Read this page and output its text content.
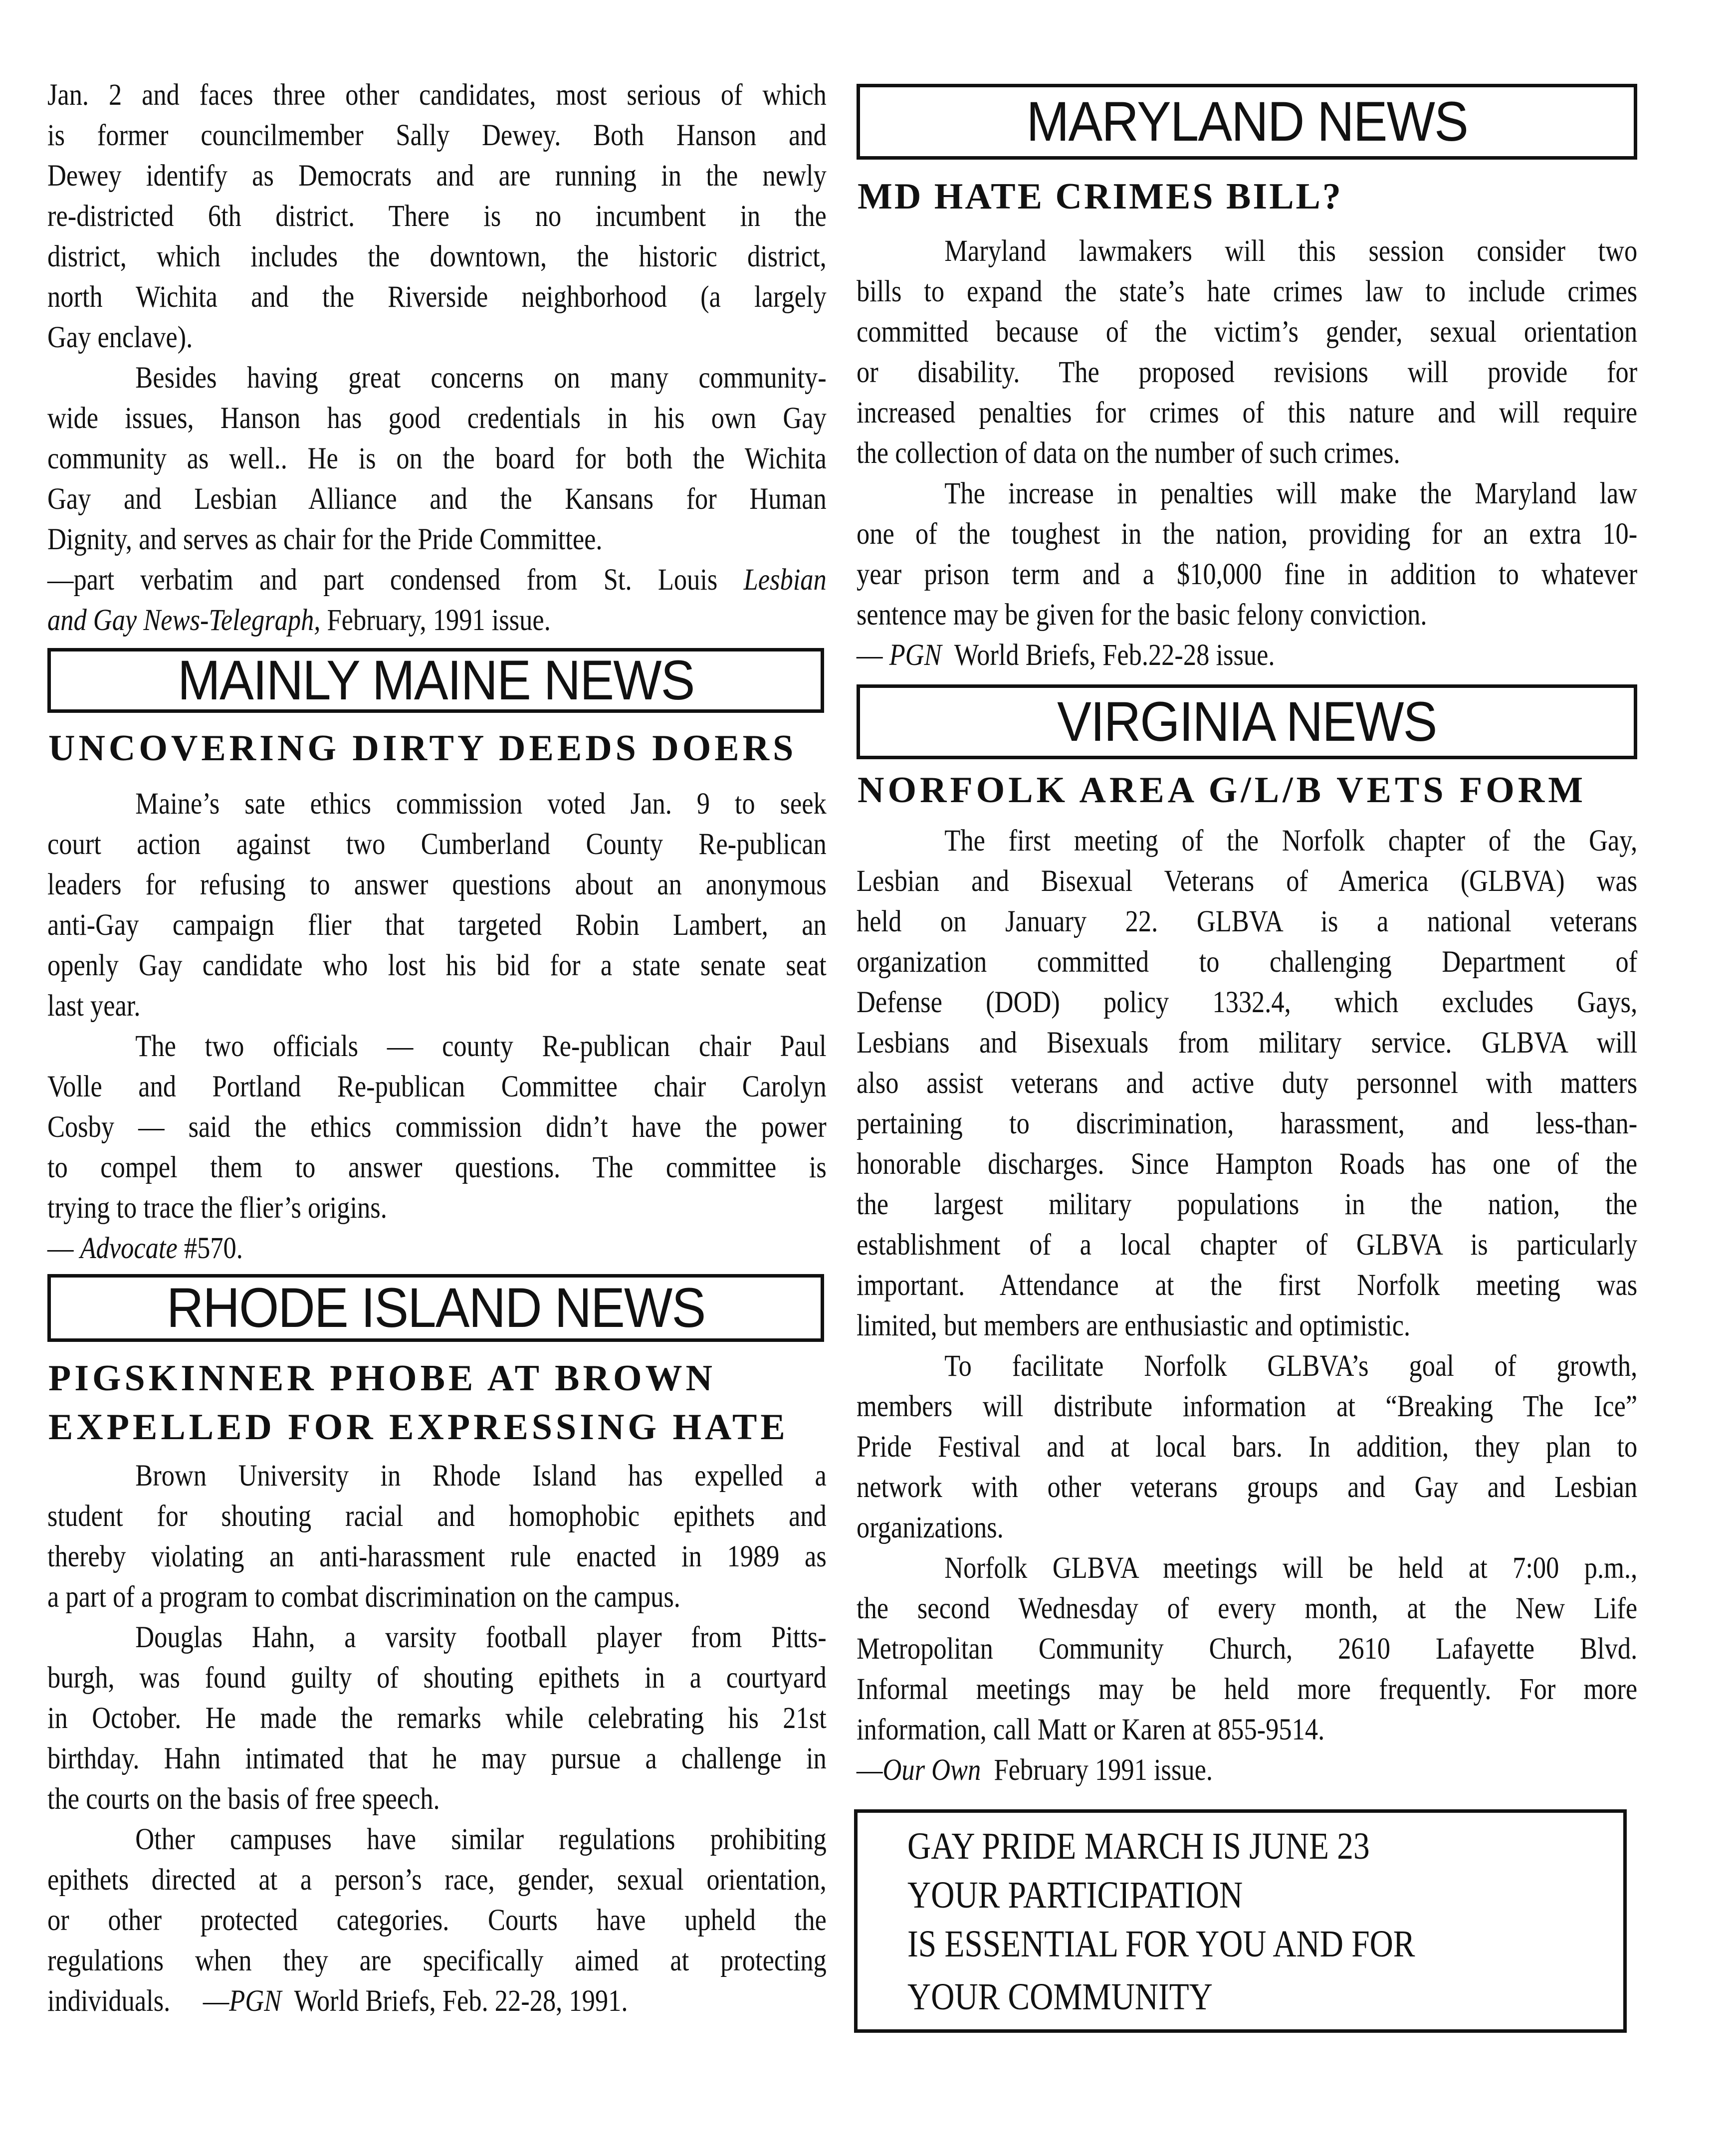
Jan. 2 and faces three other candidates, most serious of which
is former councilmember Sally Dewey. Both Hanson and
Dewey identify as Democrats and are running in the newly
re-districted 6th district. There is no incumbent in the
district, which includes the downtown, the historic district,
north Wichita and the Riverside neighborhood (a largely
Gay enclave).
Besides having great concerns on many community-
wide issues, Hanson has good credentials in his own Gay
community as well.. He is on the board for both the Wichita
Gay and Lesbian Alliance and the Kansans for Human
Dignity, and serves as chair for the Pride Committee.
—part verbatim and part condensed from St. Louis Lesbian
and Gay News-Telegraph, February, 1991 issue.
MAINLY MAINE NEWS
UNCOVERING DIRTY DEEDS DOERS
Maine’s sate ethics commission voted Jan. 9 to seek
court action against two Cumberland County Re-publican
leaders for refusing to answer questions about an anonymous
anti-Gay campaign flier that targeted Robin Lambert, an
openly Gay candidate who lost his bid for a state senate seat
last year.
The two officials — county Re-publican chair Paul
Volle and Portland Re-publican Committee chair Carolyn
Cosby — said the ethics commission didn’t have the power
to compel them to answer questions. The committee is
trying to trace the flier’s origins.
— Advocate #570.
RHODE ISLAND NEWS
PIGSKINNER PHOBE AT BROWN
EXPELLED FOR EXPRESSING HATE
Brown University in Rhode Island has expelled a
student for shouting racial and homophobic epithets and
thereby violating an anti-harassment rule enacted in 1989 as
a part of a program to combat discrimination on the campus.
Douglas Hahn, a varsity football player from Pitts-
burgh, was found guilty of shouting epithets in a courtyard
in October. He made the remarks while celebrating his 21st
birthday. Hahn intimated that he may pursue a challenge in
the courts on the basis of free speech.
Other campuses have similar regulations prohibiting
epithets directed at a person’s race, gender, sexual orientation,
or other protected categories. Courts have upheld the
regulations when they are specifically aimed at protecting
individuals.     —PGN  World Briefs, Feb. 22-28, 1991.
MARYLAND NEWS
MD HATE CRIMES BILL?
Maryland lawmakers will this session consider two
bills to expand the state’s hate crimes law to include crimes
committed because of the victim’s gender, sexual orientation
or disability. The proposed revisions will provide for
increased penalties for crimes of this nature and will require
the collection of data on the number of such crimes.
The increase in penalties will make the Maryland law
one of the toughest in the nation, providing for an extra 10-
year prison term and a $10,000 fine in addition to whatever
sentence may be given for the basic felony conviction.
— PGN  World Briefs, Feb.22-28 issue.
VIRGINIA NEWS
NORFOLK AREA G/L/B VETS FORM
The first meeting of the Norfolk chapter of the Gay,
Lesbian and Bisexual Veterans of America (GLBVA) was
held on January 22. GLBVA is a national veterans
organization committed to challenging Department of
Defense (DOD) policy 1332.4, which excludes Gays,
Lesbians and Bisexuals from military service. GLBVA will
also assist veterans and active duty personnel with matters
pertaining to discrimination, harassment, and less-than-
honorable discharges. Since Hampton Roads has one of the
the largest military populations in the nation, the
establishment of a local chapter of GLBVA is particularly
important. Attendance at the first Norfolk meeting was
limited, but members are enthusiastic and optimistic.
To facilitate Norfolk GLBVA’s goal of growth,
members will distribute information at “Breaking The Ice”
Pride Festival and at local bars. In addition, they plan to
network with other veterans groups and Gay and Lesbian
organizations.
Norfolk GLBVA meetings will be held at 7:00 p.m.,
the second Wednesday of every month, at the New Life
Metropolitan Community Church, 2610 Lafayette Blvd.
Informal meetings may be held more frequently. For more
information, call Matt or Karen at 855-9514.
—Our Own  February 1991 issue.
GAY PRIDE MARCH IS JUNE 23
YOUR PARTICIPATION
IS ESSENTIAL FOR YOU AND FOR
YOUR COMMUNITY
